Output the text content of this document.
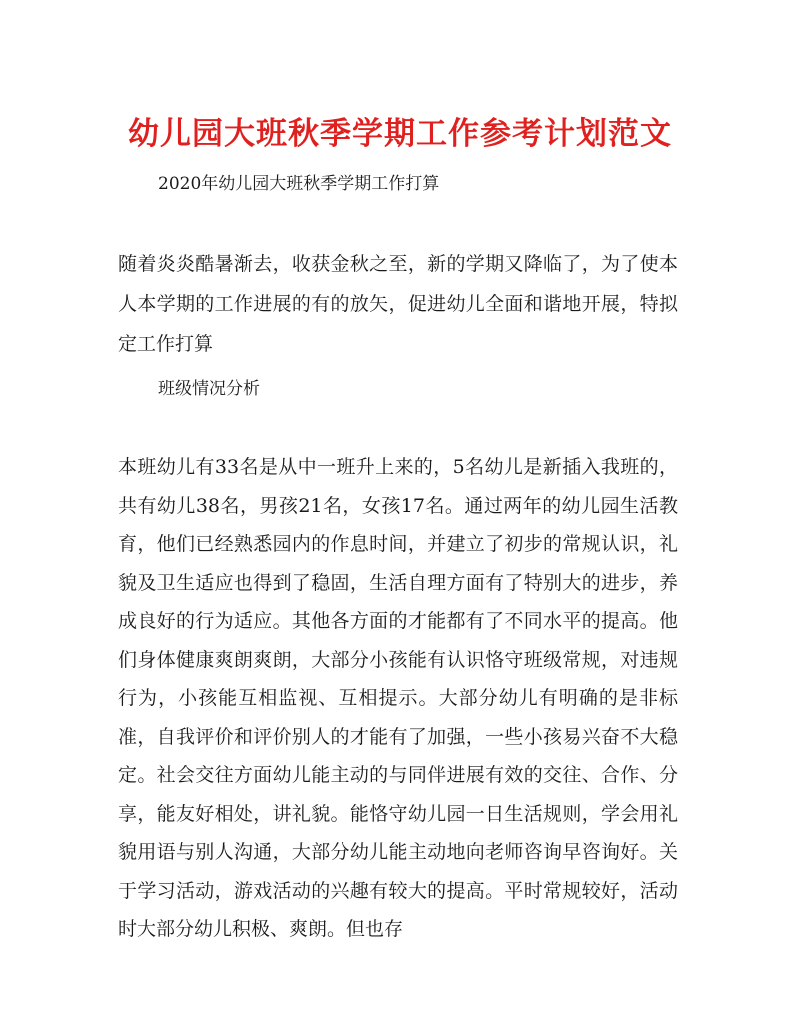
幼儿园大班秋季学期工作参考计划范文
2020年幼儿园大班秋季学期工作打算
随着炎炎酷暑渐去，收获金秋之至，新的学期又降临了，为了使本人本学期的工作进展的有的放矢，促进幼儿全面和谐地开展，特拟定工作打算
班级情况分析
本班幼儿有33名是从中一班升上来的，5名幼儿是新插入我班的，共有幼儿38名，男孩21名，女孩17名。通过两年的幼儿园生活教育，他们已经熟悉园内的作息时间，并建立了初步的常规认识，礼貌及卫生适应也得到了稳固，生活自理方面有了特别大的进步，养成良好的行为适应。其他各方面的才能都有了不同水平的提高。他们身体健康爽朗爽朗，大部分小孩能有认识恪守班级常规，对违规行为，小孩能互相监视、互相提示。大部分幼儿有明确的是非标准，自我评价和评价别人的才能有了加强，一些小孩易兴奋不大稳定。社会交往方面幼儿能主动的与同伴进展有效的交往、合作、分享，能友好相处，讲礼貌。能恪守幼儿园一日生活规则，学会用礼貌用语与别人沟通，大部分幼儿能主动地向老师咨询早咨询好。关于学习活动，游戏活动的兴趣有较大的提高。平时常规较好，活动时大部分幼儿积极、爽朗。但也存
